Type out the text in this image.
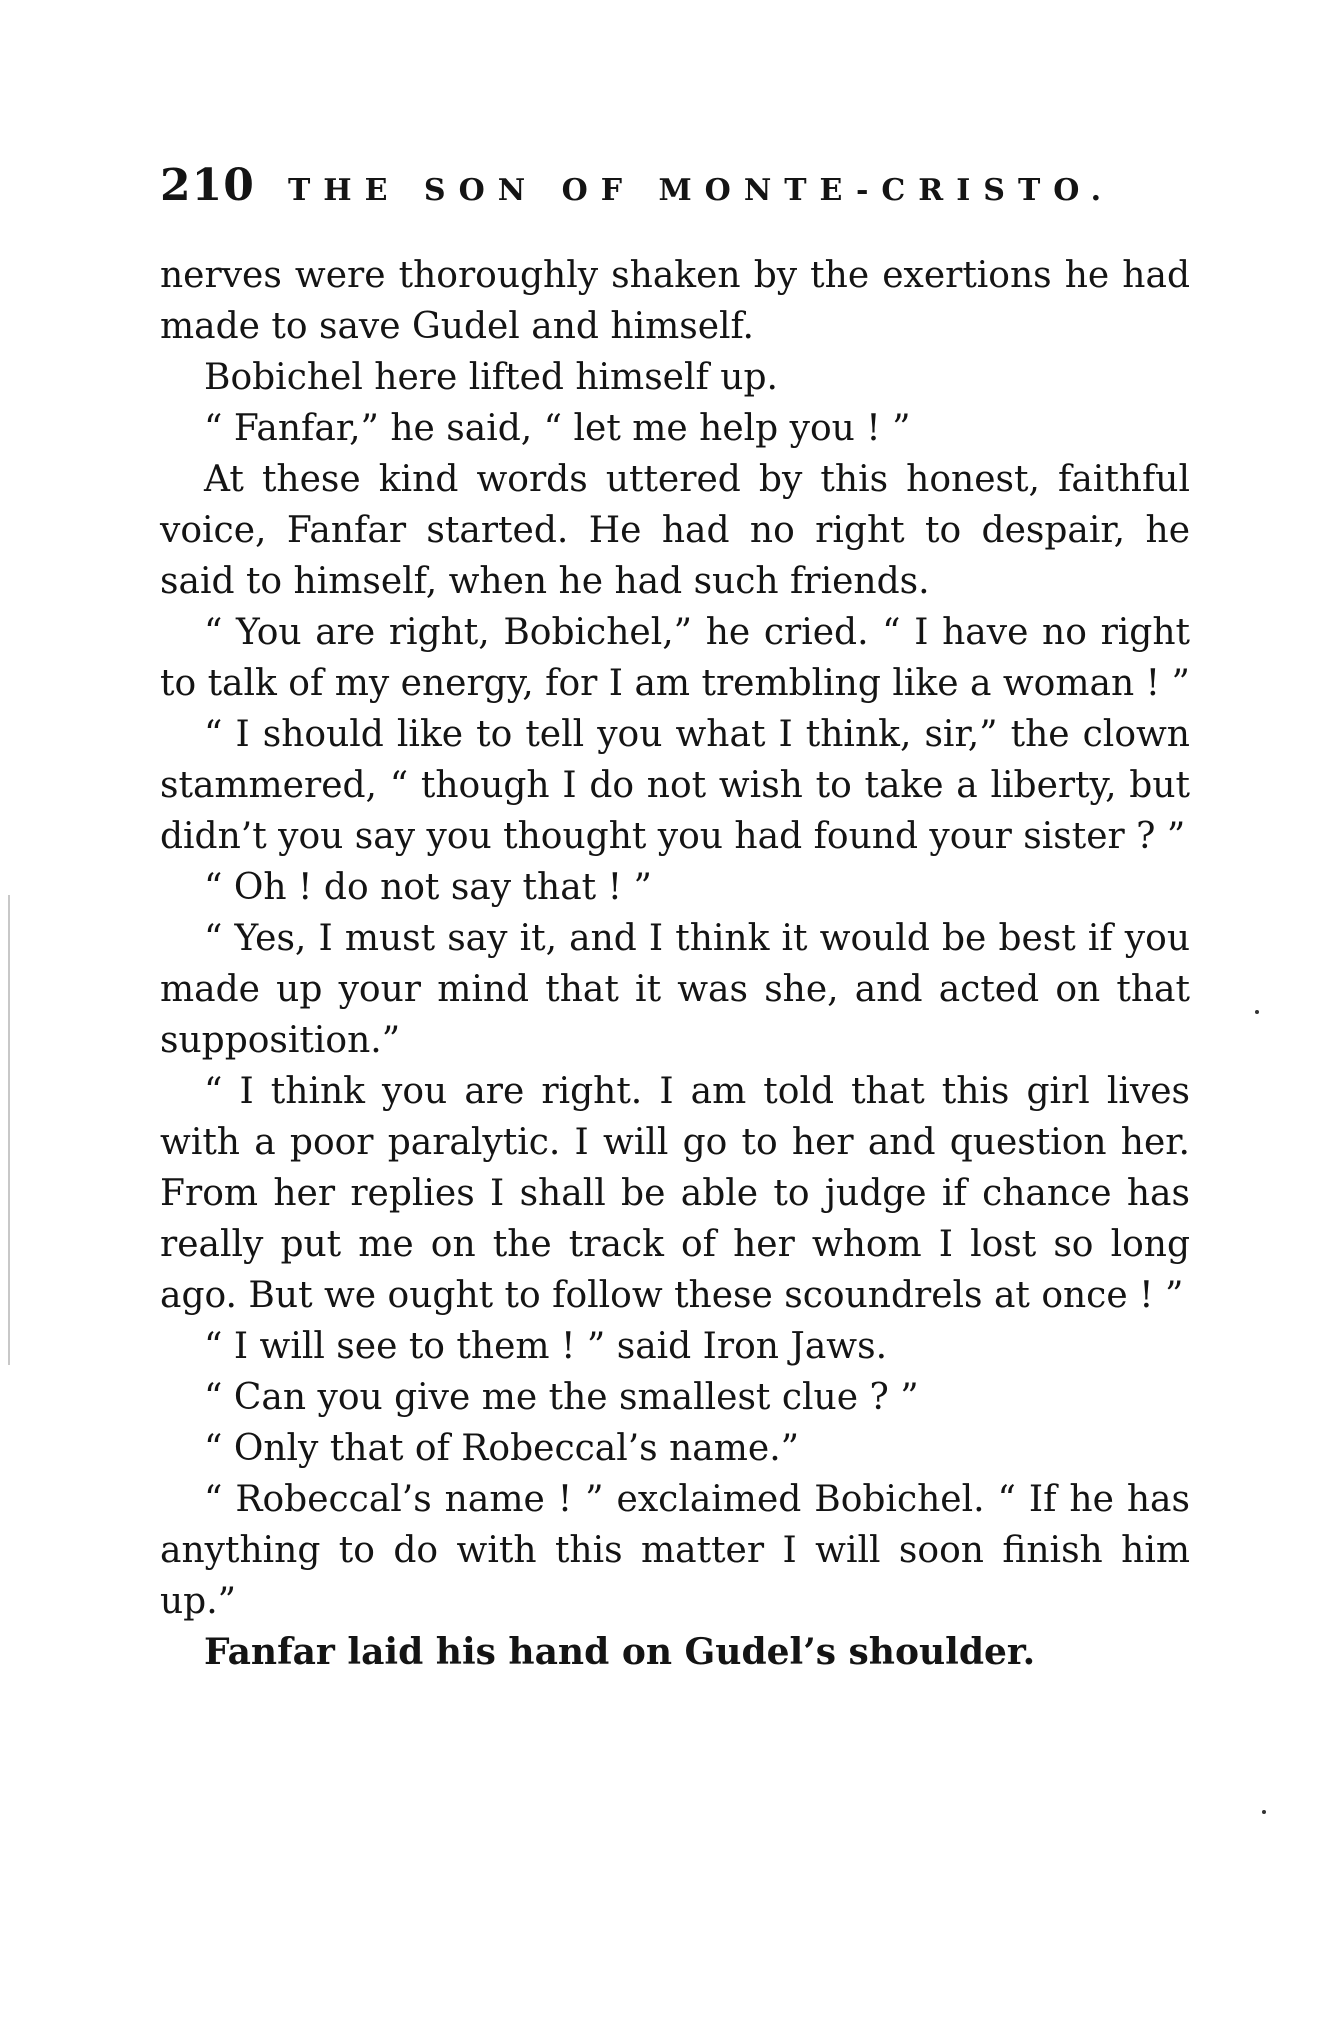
210 THE SON OF MONTE-CRISTO.

nerves were thoroughly shaken by the exertions he had made to save Gudel and himself.

Bobichel here lifted himself up.

“ Fanfar,” he said, “ let me help you ! ”

At these kind words uttered by this honest, faithful voice, Fanfar started. He had no right to despair, he said to himself, when he had such friends.

“ You are right, Bobichel,” he cried. “ I have no right to talk of my energy, for I am trembling like a woman ! ”

“ I should like to tell you what I think, sir,” the clown stammered, “ though I do not wish to take a liberty, but didn’t you say you thought you had found your sister ? ”

“ Oh ! do not say that ! ”

“ Yes, I must say it, and I think it would be best if you made up your mind that it was she, and acted on that supposition.”

“ I think you are right. I am told that this girl lives with a poor paralytic. I will go to her and question her. From her replies I shall be able to judge if chance has really put me on the track of her whom I lost so long ago. But we ought to follow these scoundrels at once ! ”

“ I will see to them ! ” said Iron Jaws.

“ Can you give me the smallest clue ? ”

“ Only that of Robeccal’s name.”

“ Robeccal’s name ! ” exclaimed Bobichel. “ If he has anything to do with this matter I will soon finish him up.”

Fanfar laid his hand on Gudel’s shoulder.
